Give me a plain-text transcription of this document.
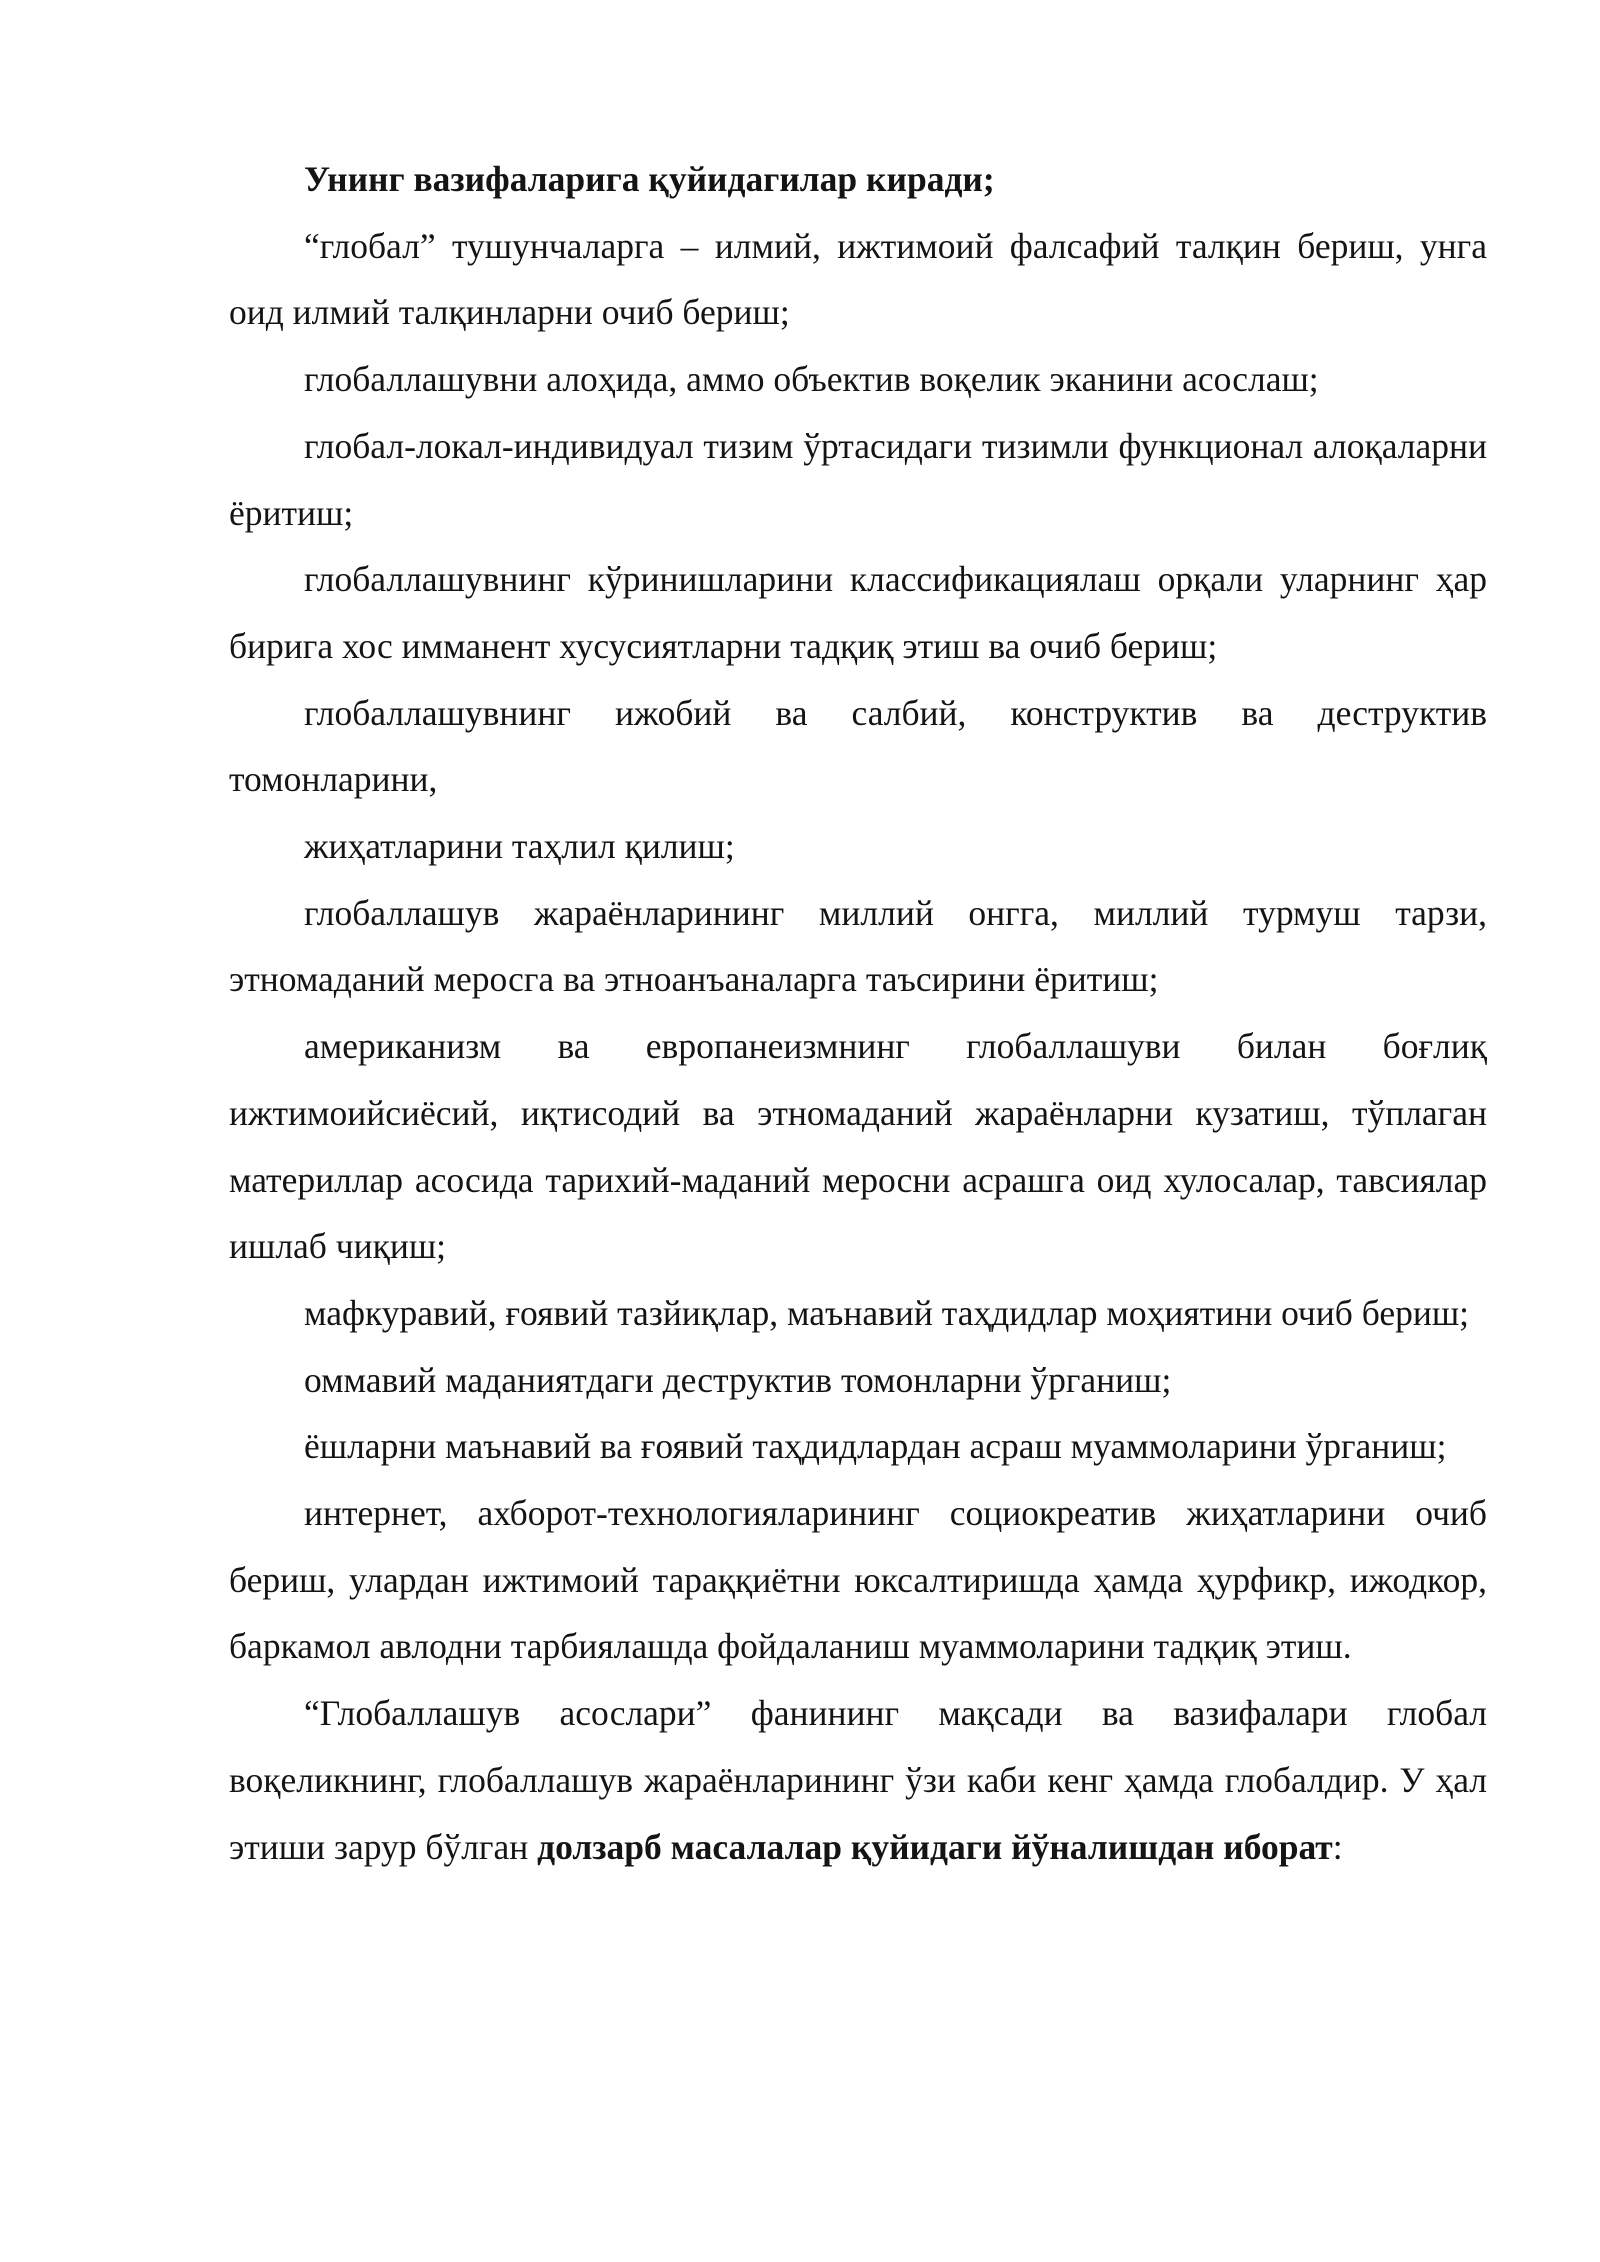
Унинг вазифаларига қуйидагилар киради;

“глобал” тушунчаларга – илмий, ижтимоий фалсафий талқин бериш, унга оид илмий талқинларни очиб бериш;

глобаллашувни алоҳида, аммо объектив воқелик эканини асослаш;

глобал-локал-индивидуал тизим ўртасидаги тизимли функционал алоқаларни ёритиш;

глобаллашувнинг кўринишларини классификациялаш орқали уларнинг ҳар бирига хос имманент хусусиятларни тадқиқ этиш ва очиб бериш;

глобаллашувнинг ижобий ва салбий, конструктив ва деструктив томонларини,

жиҳатларини таҳлил қилиш;

глобаллашув жараёнларининг миллий онгга, миллий турмуш тарзи, этномаданий меросга ва этноанъаналарга таъсирини ёритиш;

американизм ва европанеизмнинг глобаллашуви билан боғлиқ ижтимоийсиёсий, иқтисодий ва этномаданий жараёнларни кузатиш, тўплаган материллар асосида тарихий-маданий меросни асрашга оид хулосалар, тавсиялар ишлаб чиқиш;

мафкуравий, ғоявий тазйиқлар, маънавий таҳдидлар моҳиятини очиб бериш;

оммавий маданиятдаги деструктив томонларни ўрганиш;

ёшларни маънавий ва ғоявий таҳдидлардан асраш муаммоларини ўрганиш;

интернет, ахборот-технологияларининг социокреатив жиҳатларини очиб бериш, улардан ижтимоий тараққиётни юксалтиришда ҳамда ҳурфикр, ижодкор, баркамол авлодни тарбиялашда фойдаланиш муаммоларини тадқиқ этиш.

“Глобаллашув асослари” фанининг мақсади ва вазифалари глобал воқеликнинг, глобаллашув жараёнларининг ўзи каби кенг ҳамда глобалдир. У ҳал этиши зарур бўлган долзарб масалалар қуйидаги йўналишдан иборат:
